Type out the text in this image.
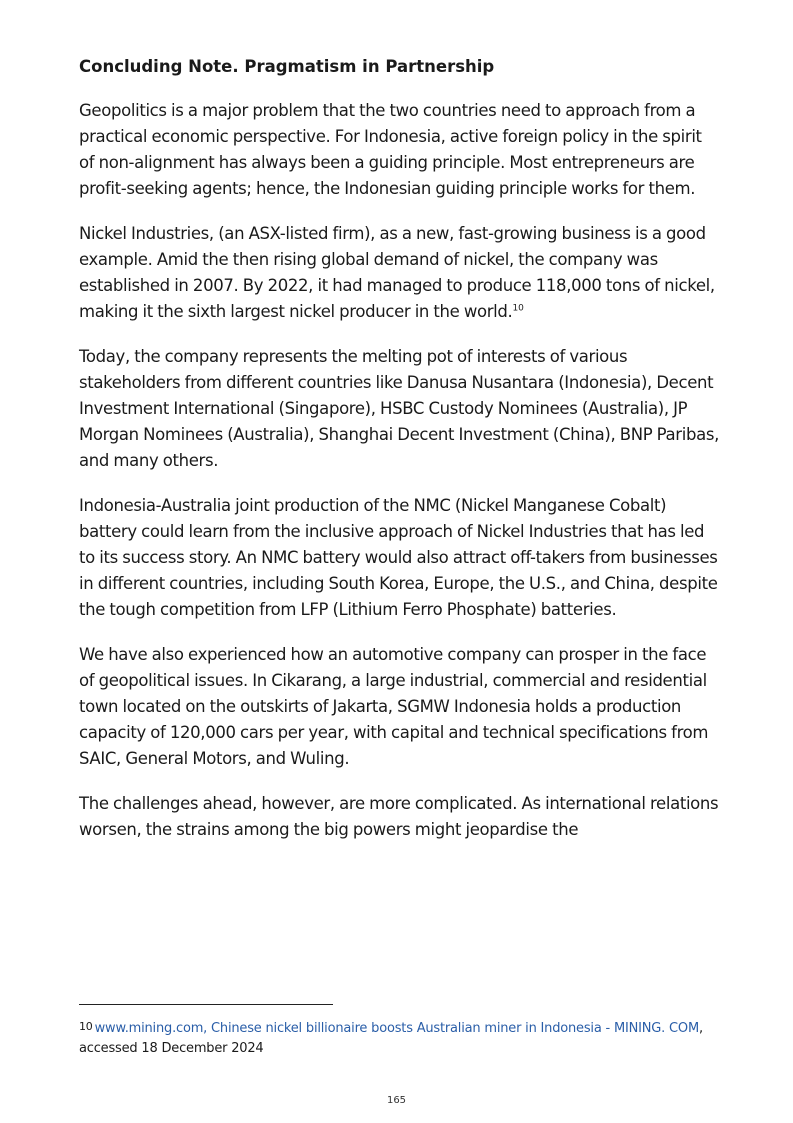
Concluding Note. Pragmatism in Partnership

Geopolitics is a major problem that the two countries need to approach from a practical economic perspective. For Indonesia, active foreign policy in the spirit of non-alignment has always been a guiding principle. Most entrepreneurs are profit-seeking agents; hence, the Indonesian guiding principle works for them.

Nickel Industries, (an ASX-listed firm), as a new, fast-growing business is a good example. Amid the then rising global demand of nickel, the company was established in 2007. By 2022, it had managed to produce 118,000 tons of nickel, making it the sixth largest nickel producer in the world.$^{10}$

Today, the company represents the melting pot of interests of various stakeholders from different countries like Danusa Nusantara (Indonesia), Decent Investment International (Singapore), HSBC Custody Nominees (Australia), JP Morgan Nominees (Australia), Shanghai Decent Investment (China), BNP Paribas, and many others.

Indonesia-Australia joint production of the NMC (Nickel Manganese Cobalt) battery could learn from the inclusive approach of Nickel Industries that has led to its success story. An NMC battery would also attract off-takers from businesses in different countries, including South Korea, Europe, the U.S., and China, despite the tough competition from LFP (Lithium Ferro Phosphate) batteries.

We have also experienced how an automotive company can prosper in the face of geopolitical issues. In Cikarang, a large industrial, commercial and residential town located on the outskirts of Jakarta, SGMW Indonesia holds a production capacity of 120,000 cars per year, with capital and technical specifications from SAIC, General Motors, and Wuling.

The challenges ahead, however, are more complicated. As international relations worsen, the strains among the big powers might jeopardise the

10 www.mining.com, Chinese nickel billionaire boosts Australian miner in Indonesia - MINING. COM, accessed 18 December 2024
165
